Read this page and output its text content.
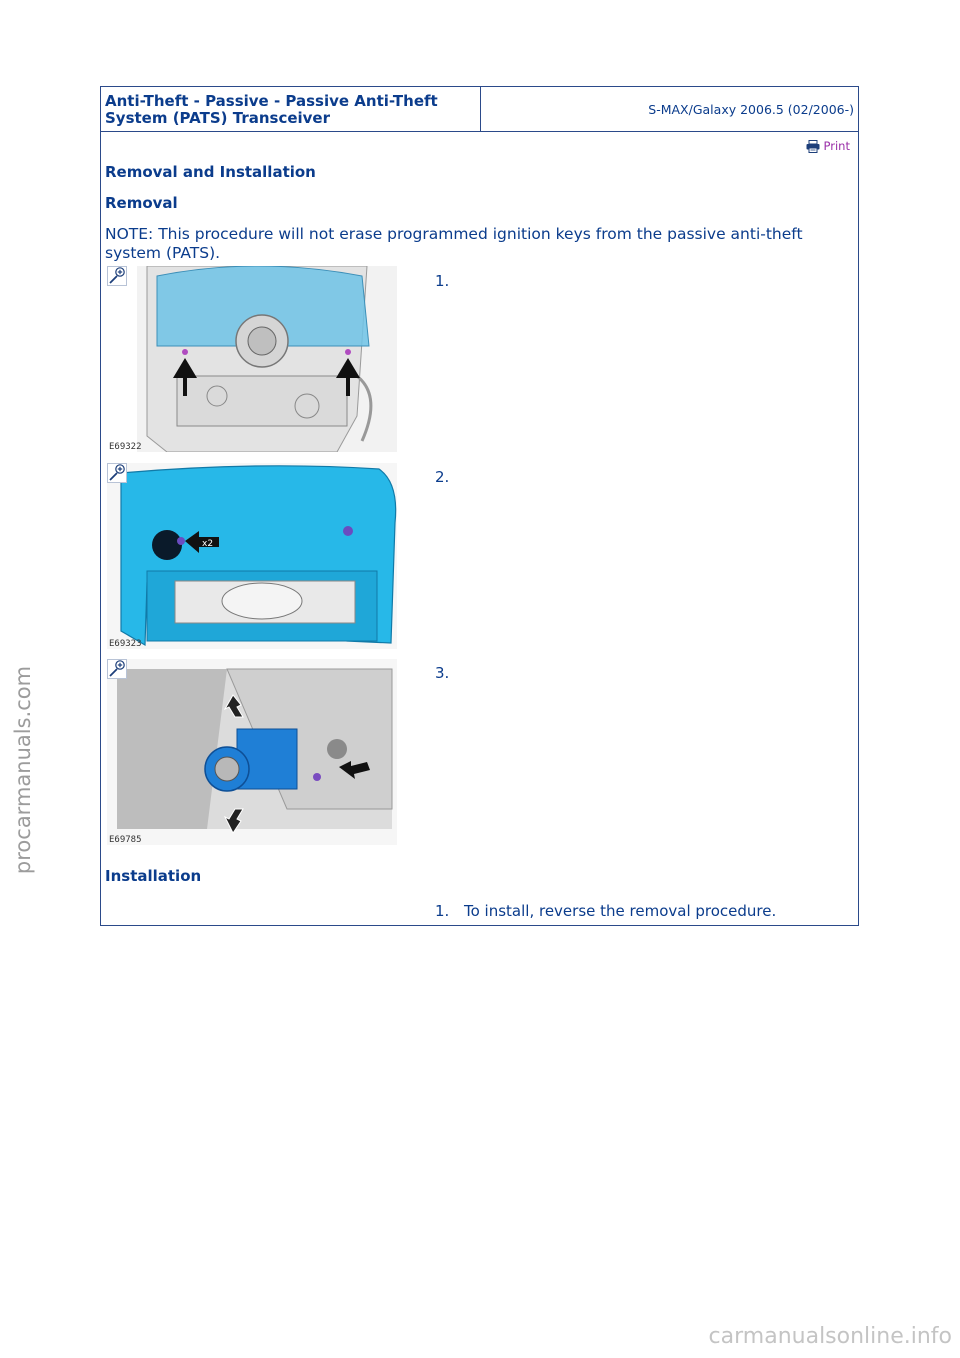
Anti-Theft - Passive - Passive Anti-Theft System (PATS) Transceiver	S-MAX/Galaxy 2006.5 (02/2006-)
Print
Removal and Installation
Removal
NOTE: This procedure will not erase programmed ignition keys from the passive anti-theft system (PATS).
E69322
1.
x2
E69323
2.
E69785
3.
Installation
1. To install, reverse the removal procedure.
procarmanuals.com
carmanualsonline.info
